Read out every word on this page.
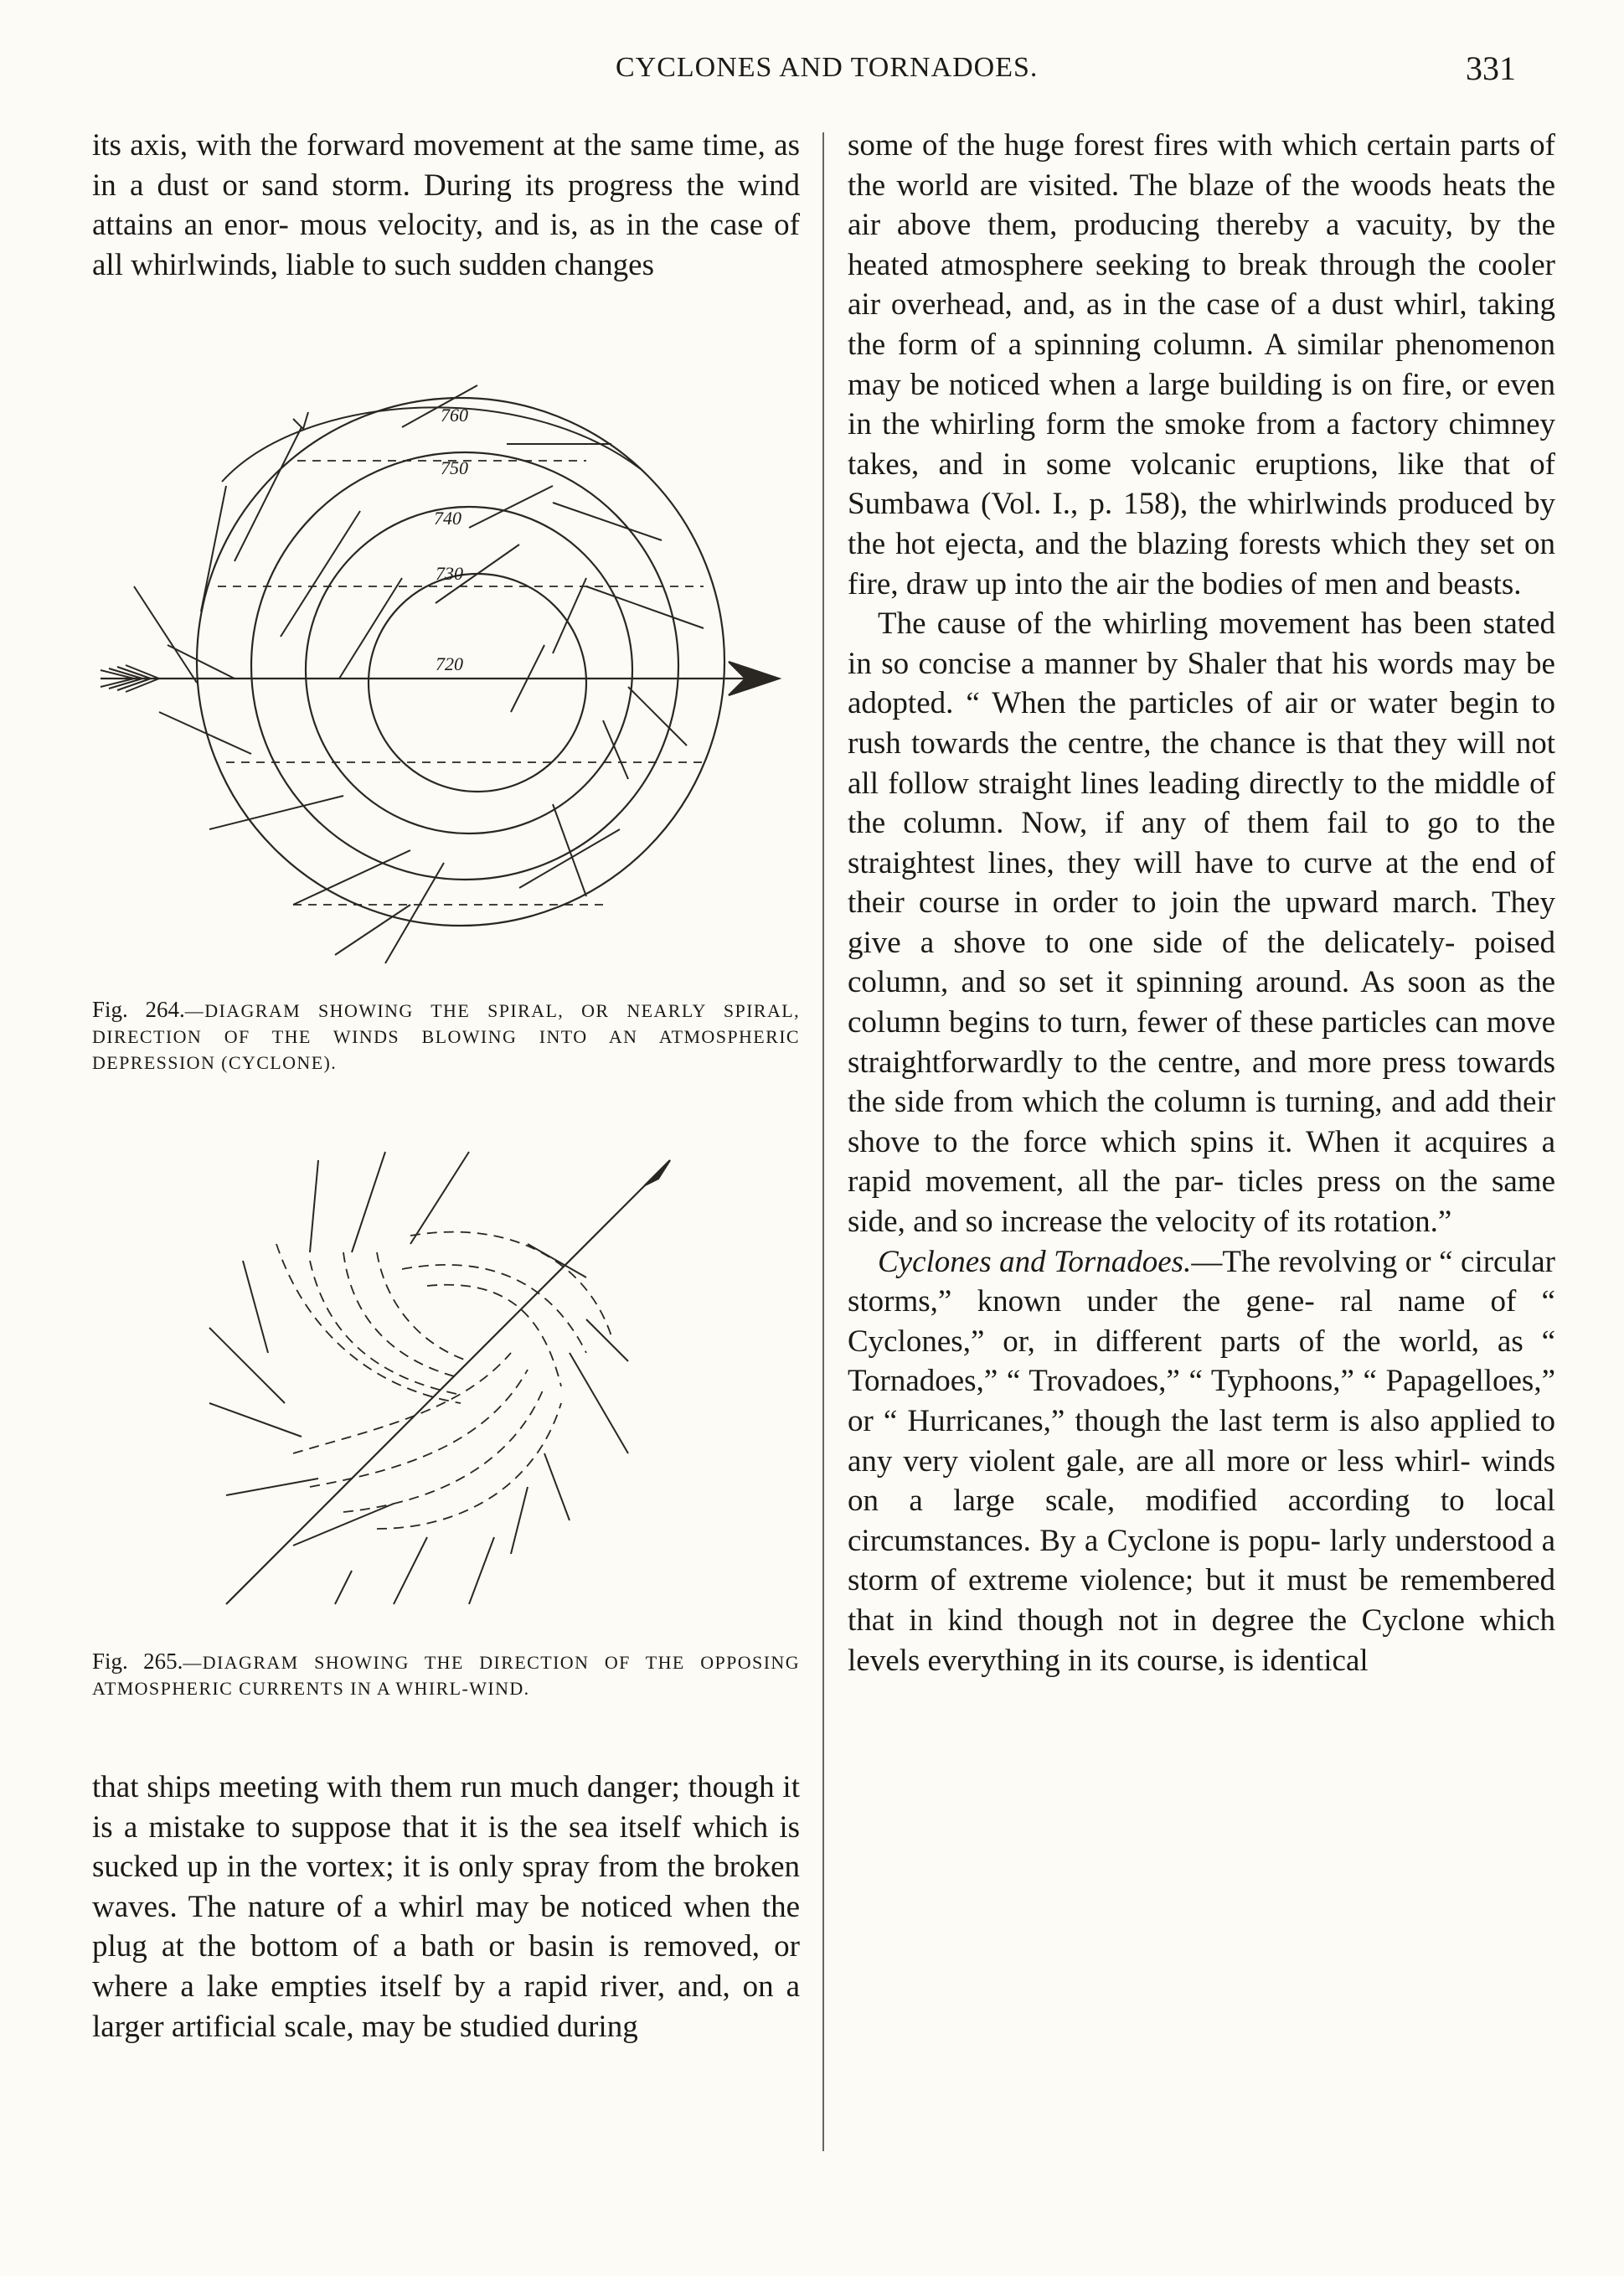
CYCLONES AND TORNADOES.	331

its axis, with the forward movement at the same time, as in a dust or sand storm. During its progress the wind attains an enor- mous velocity, and is, as in the case of all whirlwinds, liable to such sudden changes

760
750
740
730
720
Fig. 264.—DIAGRAM SHOWING THE SPIRAL, OR NEARLY SPIRAL, DIRECTION OF THE WINDS BLOWING INTO AN ATMOSPHERIC DEPRESSION (CYCLONE).
Fig. 265.—DIAGRAM SHOWING THE DIRECTION OF THE OPPOSING ATMOSPHERIC CURRENTS IN A WHIRL-WIND.

that ships meeting with them run much danger; though it is a mistake to suppose that it is the sea itself which is sucked up in the vortex; it is only spray from the broken waves. The nature of a whirl may be noticed when the plug at the bottom of a bath or basin is removed, or where a lake empties itself by a rapid river, and, on a larger artificial scale, may be studied during

some of the huge forest fires with which certain parts of the world are visited. The blaze of the woods heats the air above them, producing thereby a vacuity, by the heated atmosphere seeking to break through the cooler air overhead, and, as in the case of a dust whirl, taking the form of a spinning column. A similar phenomenon may be noticed when a large building is on fire, or even in the whirling form the smoke from a factory chimney takes, and in some volcanic eruptions, like that of Sumbawa (Vol. I., p. 158), the whirlwinds produced by the hot ejecta, and the blazing forests which they set on fire, draw up into the air the bodies of men and beasts.

The cause of the whirling movement has been stated in so concise a manner by Shaler that his words may be adopted. “ When the particles of air or water begin to rush towards the centre, the chance is that they will not all follow straight lines leading directly to the middle of the column. Now, if any of them fail to go to the straightest lines, they will have to curve at the end of their course in order to join the upward march. They give a shove to one side of the delicately- poised column, and so set it spinning around. As soon as the column begins to turn, fewer of these particles can move straightforwardly to the centre, and more press towards the side from which the column is turning, and add their shove to the force which spins it. When it acquires a rapid movement, all the par- ticles press on the same side, and so increase the velocity of its rotation.”

Cyclones and Tornadoes.—The revolving or “ circular storms,” known under the gene- ral name of “ Cyclones,” or, in different parts of the world, as “ Tornadoes,” “ Trovadoes,” “ Typhoons,” “ Papagelloes,” or “ Hurricanes,” though the last term is also applied to any very violent gale, are all more or less whirl- winds on a large scale, modified according to local circumstances. By a Cyclone is popu- larly understood a storm of extreme violence; but it must be remembered that in kind though not in degree the Cyclone which levels everything in its course, is identical
